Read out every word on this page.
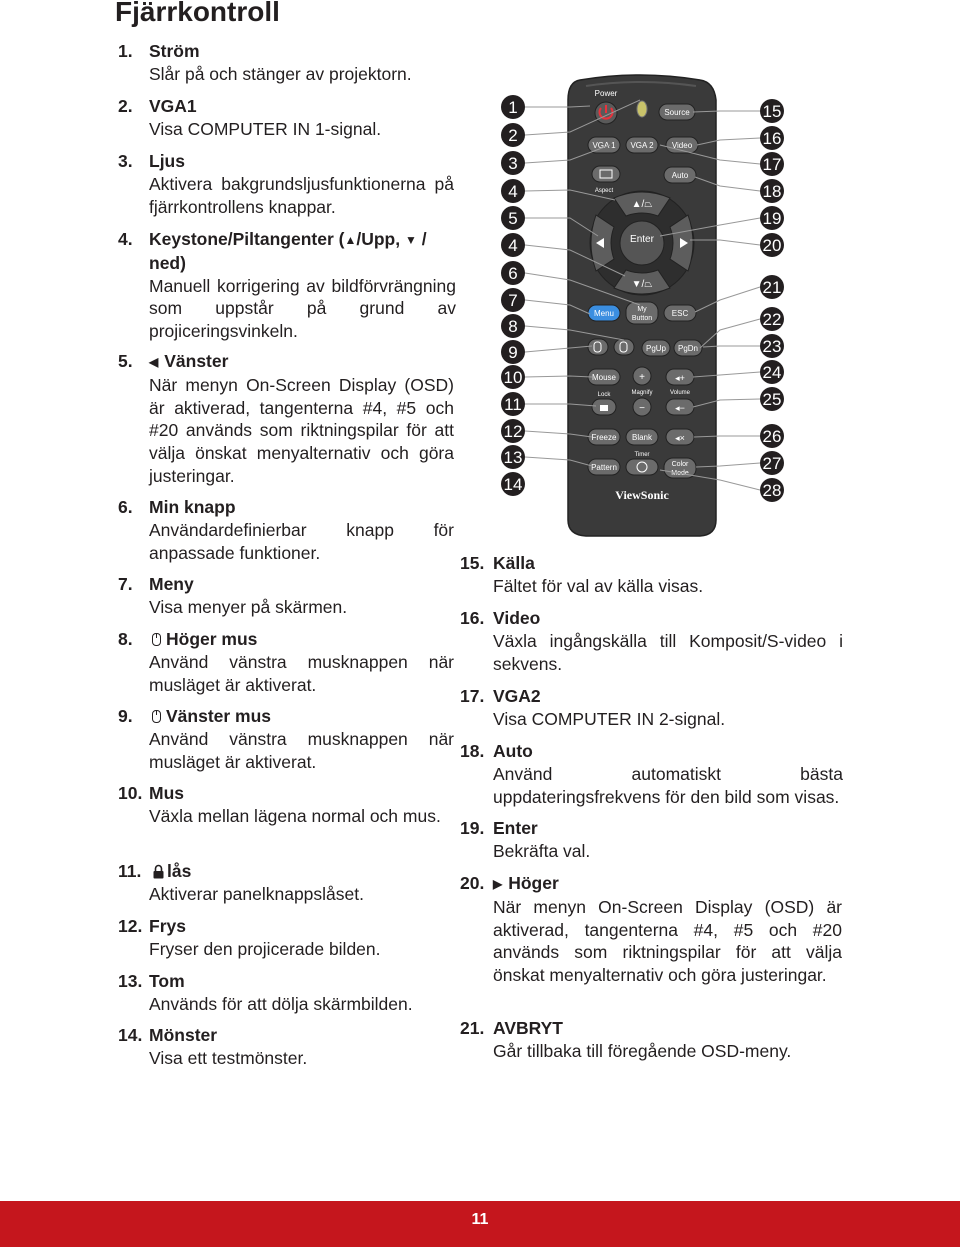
Fjärrkontroll
1. Ström
Slår på och stänger av projektorn.
2. VGA1
Visa COMPUTER IN 1-signal.
3. Ljus
Aktivera bakgrundsljusfunktionerna på fjärrkontrollens knappar.
4. Keystone/Piltangenter (▲/Upp, ▼ / ned)
Manuell korrigering av bildförvrängning som uppstår på grund av projiceringsvinkeln.
5. ◀ Vänster
När menyn On-Screen Display (OSD) är aktiverad, tangenterna #4, #5 och #20 används som riktningspilar för att välja önskat menyalternativ och göra justeringar.
6. Min knapp
Användardefinierbar knapp för anpassade funktioner.
7. Meny
Visa menyer på skärmen.
8. Höger mus
Använd vänstra musknappen när musläget är aktiverat.
9. Vänster mus
Använd vänstra musknappen när musläget är aktiverat.
10. Mus
Växla mellan lägena normal och mus.
11. lås
Aktiverar panelknappslåset.
12. Frys
Fryser den projicerade bilden.
13. Tom
Används för att dölja skärmbilden.
14. Mönster
Visa ett testmönster.
15. Källa
Fältet för val av källa visas.
16. Video
Växla ingångskälla till Komposit/S-video i sekvens.
17. VGA2
Visa COMPUTER IN 2-signal.
18. Auto
Använd automatiskt bästa uppdateringsfrekvens för den bild som visas.
19. Enter
Bekräfta val.
20. ▶ Höger
När menyn On-Screen Display (OSD) är aktiverad, tangenterna #4, #5 och #20 används som riktningspilar för att välja önskat menyalternativ och göra justeringar.
21. AVBRYT
Går tillbaka till föregående OSD-meny.
Power
Source
VGA 1 VGA 2 Video
Aspect
Auto
▲/⏢
▼/⏢
Enter
Menu	My
Button
ESC
PgUp PgDn
Mouse
Lock
+
Magnify
−
◂+
Volume
◂−
Freeze Blank	◂×
Timer
Pattern	Color
Mode
ViewSonic
1
2
3
4
5
4
6
7
8
9
10
11
12
13
14
15
16
17
18
19
20
21
22
23
24
25
26
27
28
11
